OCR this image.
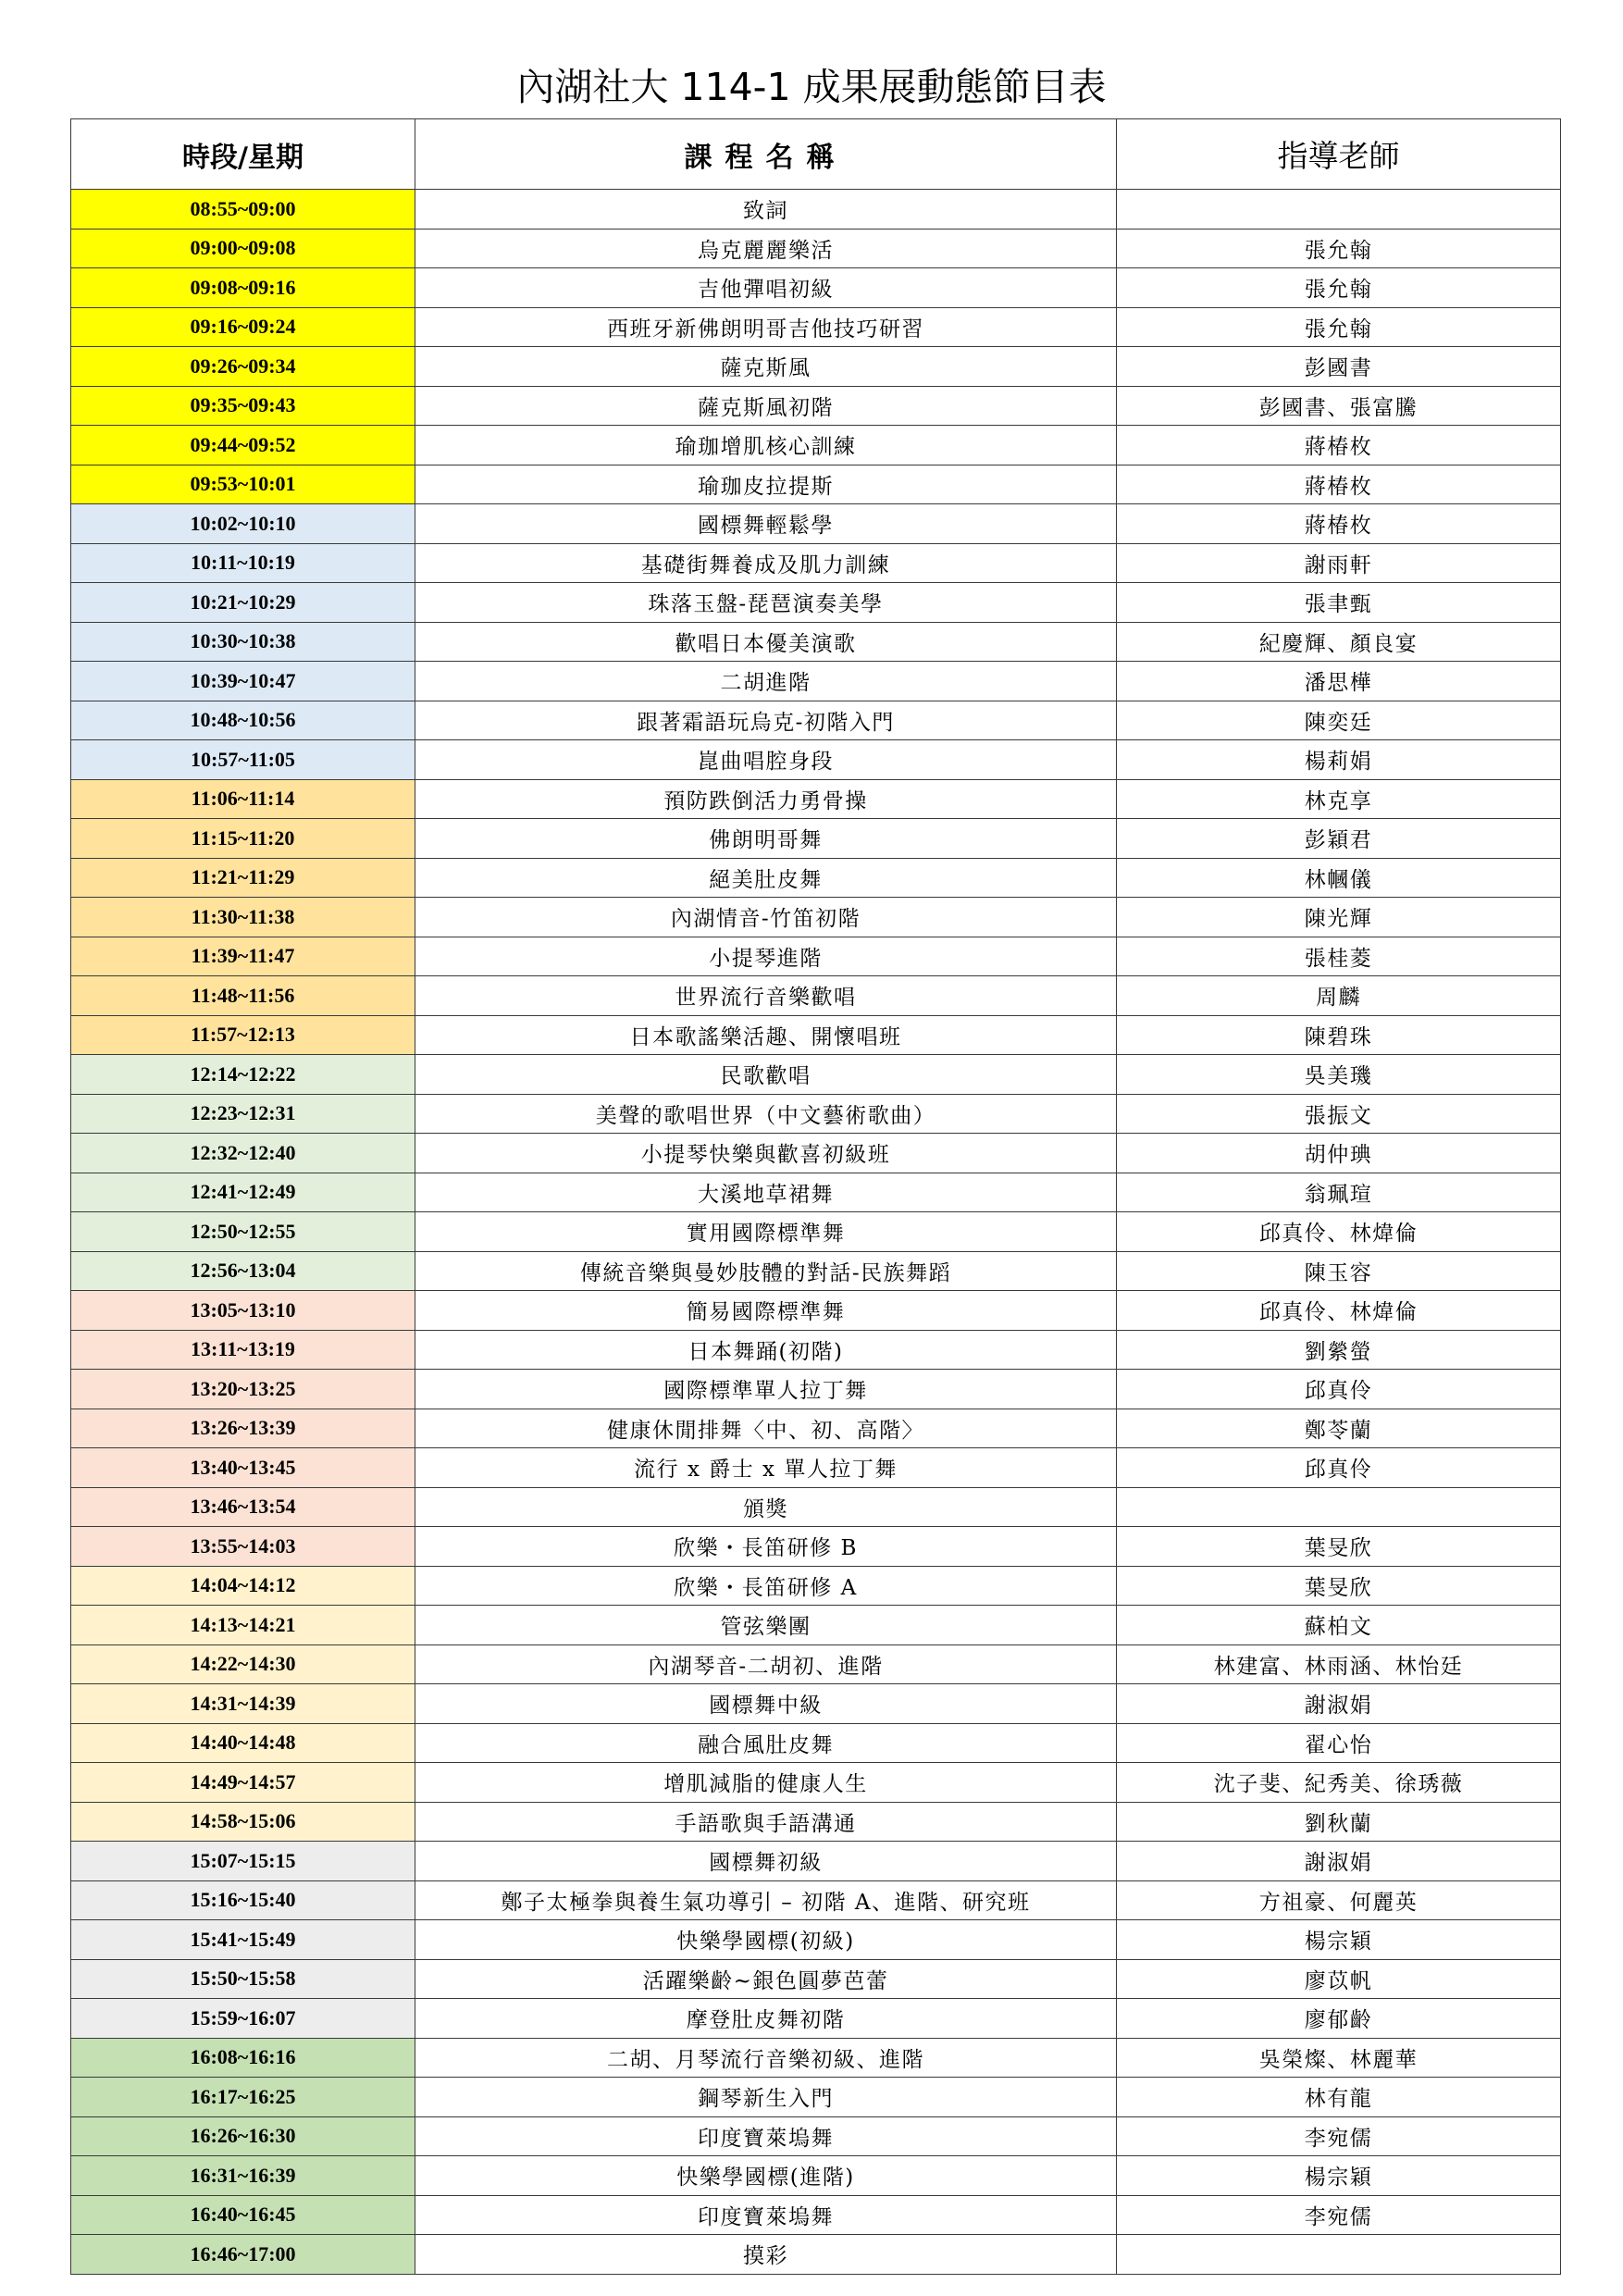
內湖社大 114-1 成果展動態節目表
時段/星期	課程名稱	指導老師
08:55~09:00	致詞	
09:00~09:08	烏克麗麗樂活	張允翰
09:08~09:16	吉他彈唱初級	張允翰
09:16~09:24	西班牙新佛朗明哥吉他技巧研習	張允翰
09:26~09:34	薩克斯風	彭國書
09:35~09:43	薩克斯風初階	彭國書、張富騰
09:44~09:52	瑜珈增肌核心訓練	蔣椿枚
09:53~10:01	瑜珈皮拉提斯	蔣椿枚
10:02~10:10	國標舞輕鬆學	蔣椿枚
10:11~10:19	基礎街舞養成及肌力訓練	謝雨軒
10:21~10:29	珠落玉盤-琵琶演奏美學	張聿甄
10:30~10:38	歡唱日本優美演歌	紀慶輝、顏良宴
10:39~10:47	二胡進階	潘思樺
10:48~10:56	跟著霜語玩烏克-初階入門	陳奕廷
10:57~11:05	崑曲唱腔身段	楊莉娟
11:06~11:14	預防跌倒活力勇骨操	林克享
11:15~11:20	佛朗明哥舞	彭穎君
11:21~11:29	絕美肚皮舞	林幗儀
11:30~11:38	內湖情音-竹笛初階	陳光輝
11:39~11:47	小提琴進階	張桂菱
11:48~11:56	世界流行音樂歡唱	周麟
11:57~12:13	日本歌謠樂活趣、開懷唱班	陳碧珠
12:14~12:22	民歌歡唱	吳美璣
12:23~12:31	美聲的歌唱世界（中文藝術歌曲）	張振文
12:32~12:40	小提琴快樂與歡喜初級班	胡仲琠
12:41~12:49	大溪地草裙舞	翁珮瑄
12:50~12:55	實用國際標準舞	邱真伶、林煒倫
12:56~13:04	傳統音樂與曼妙肢體的對話-民族舞蹈	陳玉容
13:05~13:10	簡易國際標準舞	邱真伶、林煒倫
13:11~13:19	日本舞踊(初階)	劉縈螢
13:20~13:25	國際標準單人拉丁舞	邱真伶
13:26~13:39	健康休閒排舞〈中、初、高階〉	鄭苓蘭
13:40~13:45	流行 x 爵士 x 單人拉丁舞	邱真伶
13:46~13:54	頒獎	
13:55~14:03	欣樂・長笛研修 B	葉旻欣
14:04~14:12	欣樂・長笛研修 A	葉旻欣
14:13~14:21	管弦樂團	蘇柏文
14:22~14:30	內湖琴音-二胡初、進階	林建富、林雨涵、林怡廷
14:31~14:39	國標舞中級	謝淑娟
14:40~14:48	融合風肚皮舞	翟心怡
14:49~14:57	增肌減脂的健康人生	沈子斐、紀秀美、徐琇薇
14:58~15:06	手語歌與手語溝通	劉秋蘭
15:07~15:15	國標舞初級	謝淑娟
15:16~15:40	鄭子太極拳與養生氣功導引 – 初階 A、進階、研究班	方祖豪、何麗英
15:41~15:49	快樂學國標(初級)	楊宗穎
15:50~15:58	活躍樂齡~銀色圓夢芭蕾	廖苡帆
15:59~16:07	摩登肚皮舞初階	廖郁齡
16:08~16:16	二胡、月琴流行音樂初級、進階	吳榮燦、林麗華
16:17~16:25	鋼琴新生入門	林有龍
16:26~16:30	印度寶萊塢舞	李宛儒
16:31~16:39	快樂學國標(進階)	楊宗穎
16:40~16:45	印度寶萊塢舞	李宛儒
16:46~17:00	摸彩	
